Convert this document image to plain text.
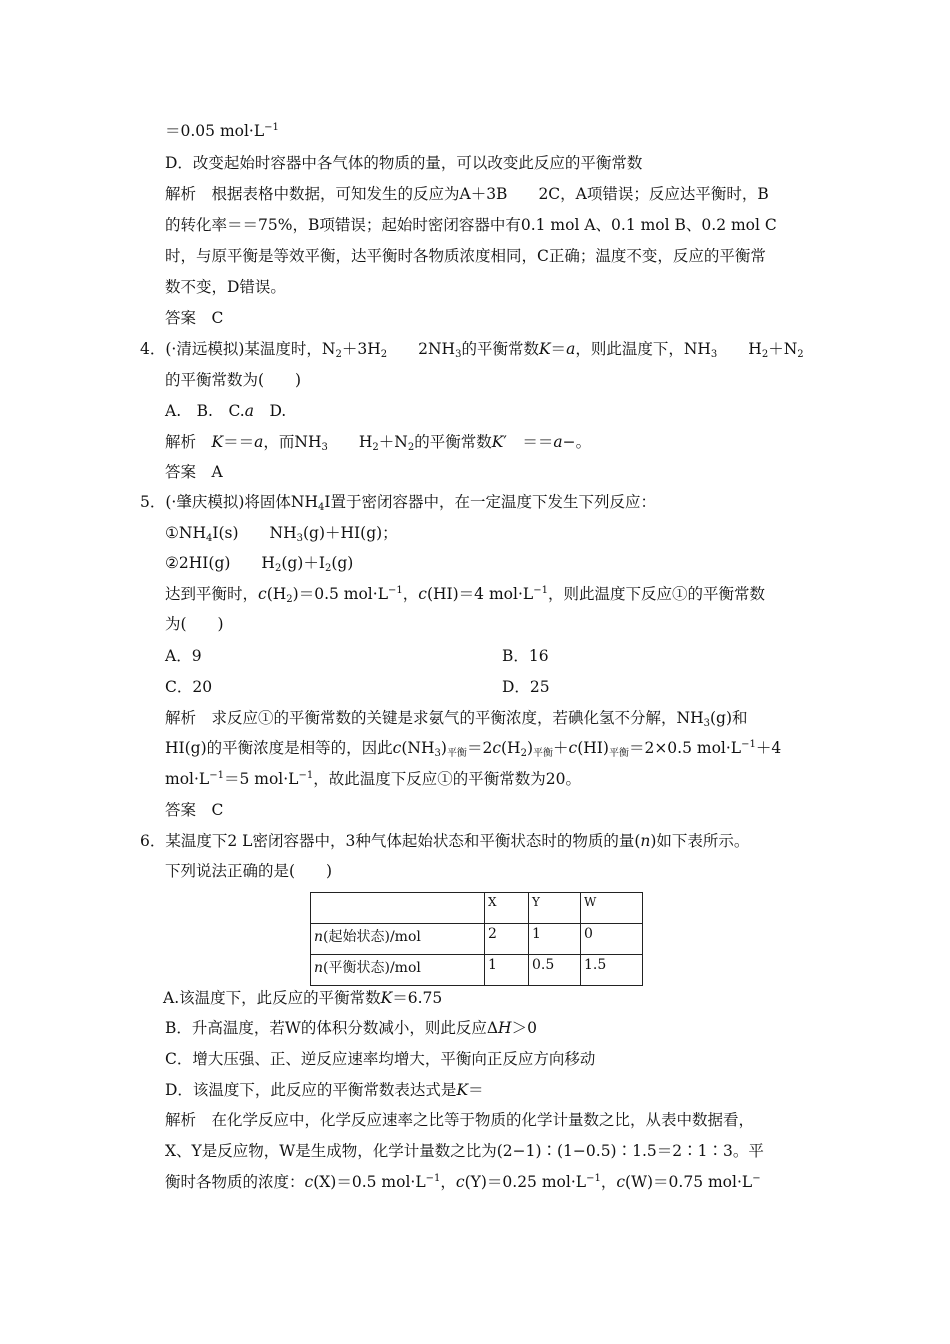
＝0.05 $mol\cdot L^{-1}$
D．改变起始时容器中各气体的物质的量，可以改变此反应的平衡常数
解析　根据表格中数据，可知发生的反应为A＋3B　　2C，A项错误；反应达平衡时，B
的转化率＝＝75%，B项错误；起始时密闭容器中有0.1 mol A、0.1 mol B、0.2 mol C
时，与原平衡是等效平衡，达平衡时各物质浓度相同，C正确；温度不变，反应的平衡常
数不变，D错误。
答案　C
4．(·清远模拟)某温度时，$N_2+3H_2$　　$2NH_3$的平衡常数K＝a，则此温度下，$NH_3$　　$H_2+N_2$
的平衡常数为(　　)
A.　B.　C.a　D.
解析　K＝＝a，而$NH_3$　　$H_2+N_2$的平衡常数K′　＝＝a−。
答案　A
5．(·肇庆模拟)将固体$NH_4I$置于密闭容器中，在一定温度下发生下列反应：
$①NH_4I(s)$　　$NH_3(g)+HI(g)$；
②2HI(g)　　$H_2(g)+I_2(g)$
达到平衡时，$c(H_2)=0.5$ $mol\cdot L^{-1}$，c(HI)＝4 $mol\cdot L^{-1}$，则此温度下反应①的平衡常数
为(　　)
A．9	B．16
C．20	D．25
解析　求反应①的平衡常数的关键是求氨气的平衡浓度，若碘化氢不分解，$NH_3(g)$和
HI(g)的平衡浓度是相等的，因此$c(NH_3)_{平衡}=2c(H_2)_{平衡}+c(HI)_{平衡}=2\times 0.5$ $mol\cdot L^{-1}+4$
$mol\cdot L^{-1}=5$ $mol\cdot L^{-1}$，故此温度下反应①的平衡常数为20。
答案　C
6．某温度下2 L密闭容器中，3种气体起始状态和平衡状态时的物质的量(n)如下表所示。
下列说法正确的是(　　)
	X	Y	W
n(起始状态)/mol	2	1	0
n(平衡状态)/mol	1	0.5	1.5
A.该温度下，此反应的平衡常数K＝6.75
B．升高温度，若W的体积分数减小，则此反应ΔH＞0
C．增大压强、正、逆反应速率均增大，平衡向正反应方向移动
D．该温度下，此反应的平衡常数表达式是K＝
解析　在化学反应中，化学反应速率之比等于物质的化学计量数之比，从表中数据看，
X、Y是反应物，W是生成物，化学计量数之比为(2−1)∶(1−0.5)∶1.5＝2∶1∶3。平
衡时各物质的浓度：c(X)＝0.5 $mol\cdot L^{-1}$，c(Y)＝0.25 $mol\cdot L^{-1}$，c(W)＝0.75 mol·L−
